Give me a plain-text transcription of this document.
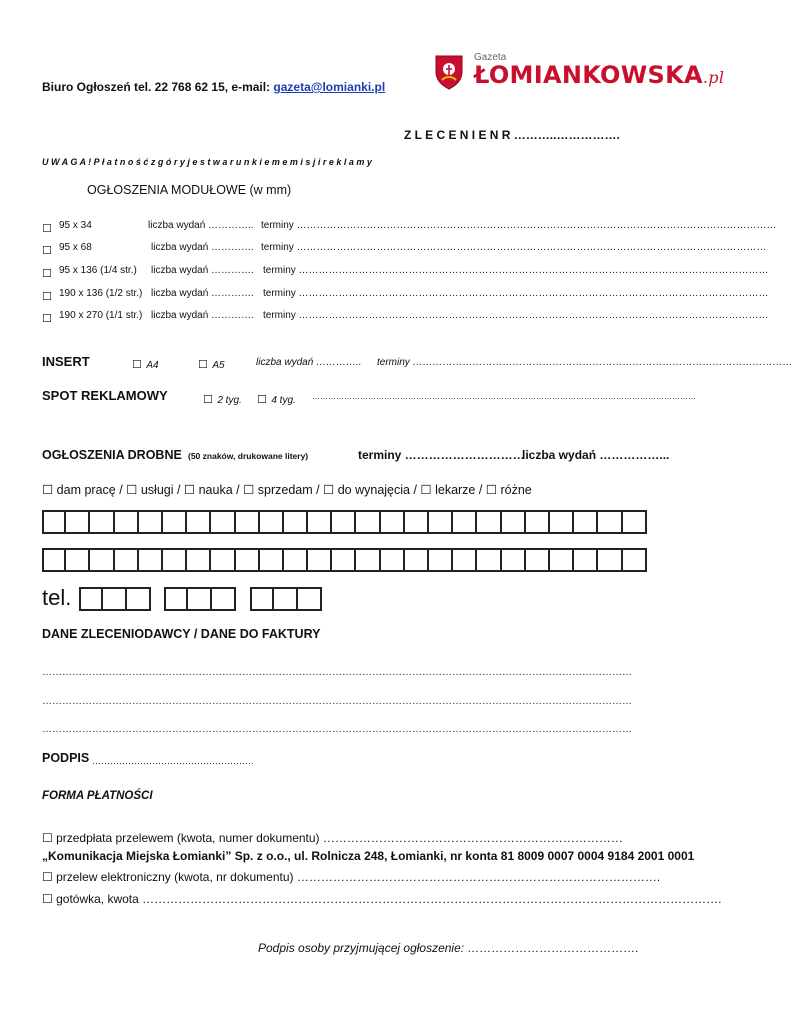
Biuro Ogłoszeń tel. 22 768 62 15, e-mail: gazeta@lomianki.pl
Gazeta
ŁOMIANKOWSKA.pl
Z L E C E N I E N R ………..…………….
U W A G A ! P ł a t n o ś ć z g ó r y j e s t w a r u n k i e m e m i s j i r e k l a m y
OGŁOSZENIA MODUŁOWE (w mm)
☐ 95 x 34	liczba wydań ………….. terminy ………………………………………………………………………………………………………………………………
☐ 95 x 68	liczba wydań …………. terminy ……………………………………………………………………………………………………………………………
☐ 95 x 136 (1/4 str.) liczba wydań …………. terminy ……………………………………………………………………………………………………………………………
☐ 190 x 136 (1/2 str.) liczba wydań …………. terminy ……………………………………………………………………………………………………………………………
☐ 190 x 270 (1/1 str.) liczba wydań …………. terminy ……………………………………………………………………………………………………………………………
INSERT	☐ A4	☐ A5	liczba wydań ………….. terminy ……………………………………………………………………………………………………
SPOT REKLAMOWY	☐ 2 tyg. ☐ 4 tyg. ………………………………………………………………………………………………………………………………
OGŁOSZENIA DROBNE (50 znaków, drukowane litery)	terminy …………………………
liczba wydań ……………...
☐ dam pracę / ☐ usługi / ☐ nauka / ☐ sprzedam / ☐ do wynajęcia / ☐ lekarze / ☐ różne
tel.
DANE ZLECENIODAWCY / DANE DO FAKTURY
……………………………………………………………………………………………………………………………………………………………
……………………………………………………………………………………………………………………………………………………………
……………………………………………………………………………………………………………………………………………………………
PODPIS ………………………………………………
FORMA PŁATNOŚCI
☐ przedpłata przelewem (kwota, numer dokumentu) …………………………………………………………………
„Komunikacja Miejska Łomianki” Sp. z o.o., ul. Rolnicza 248, Łomianki, nr konta 81 8009 0007 0004 9184 2001 0001
☐ przelew elektroniczny (kwota, nr dokumentu) ……………………………………………………………………………….
☐ gotówka, kwota ……………………………………………………………………………………………………………………………….
Podpis osoby przyjmującej ogłoszenie: …………………………………….
